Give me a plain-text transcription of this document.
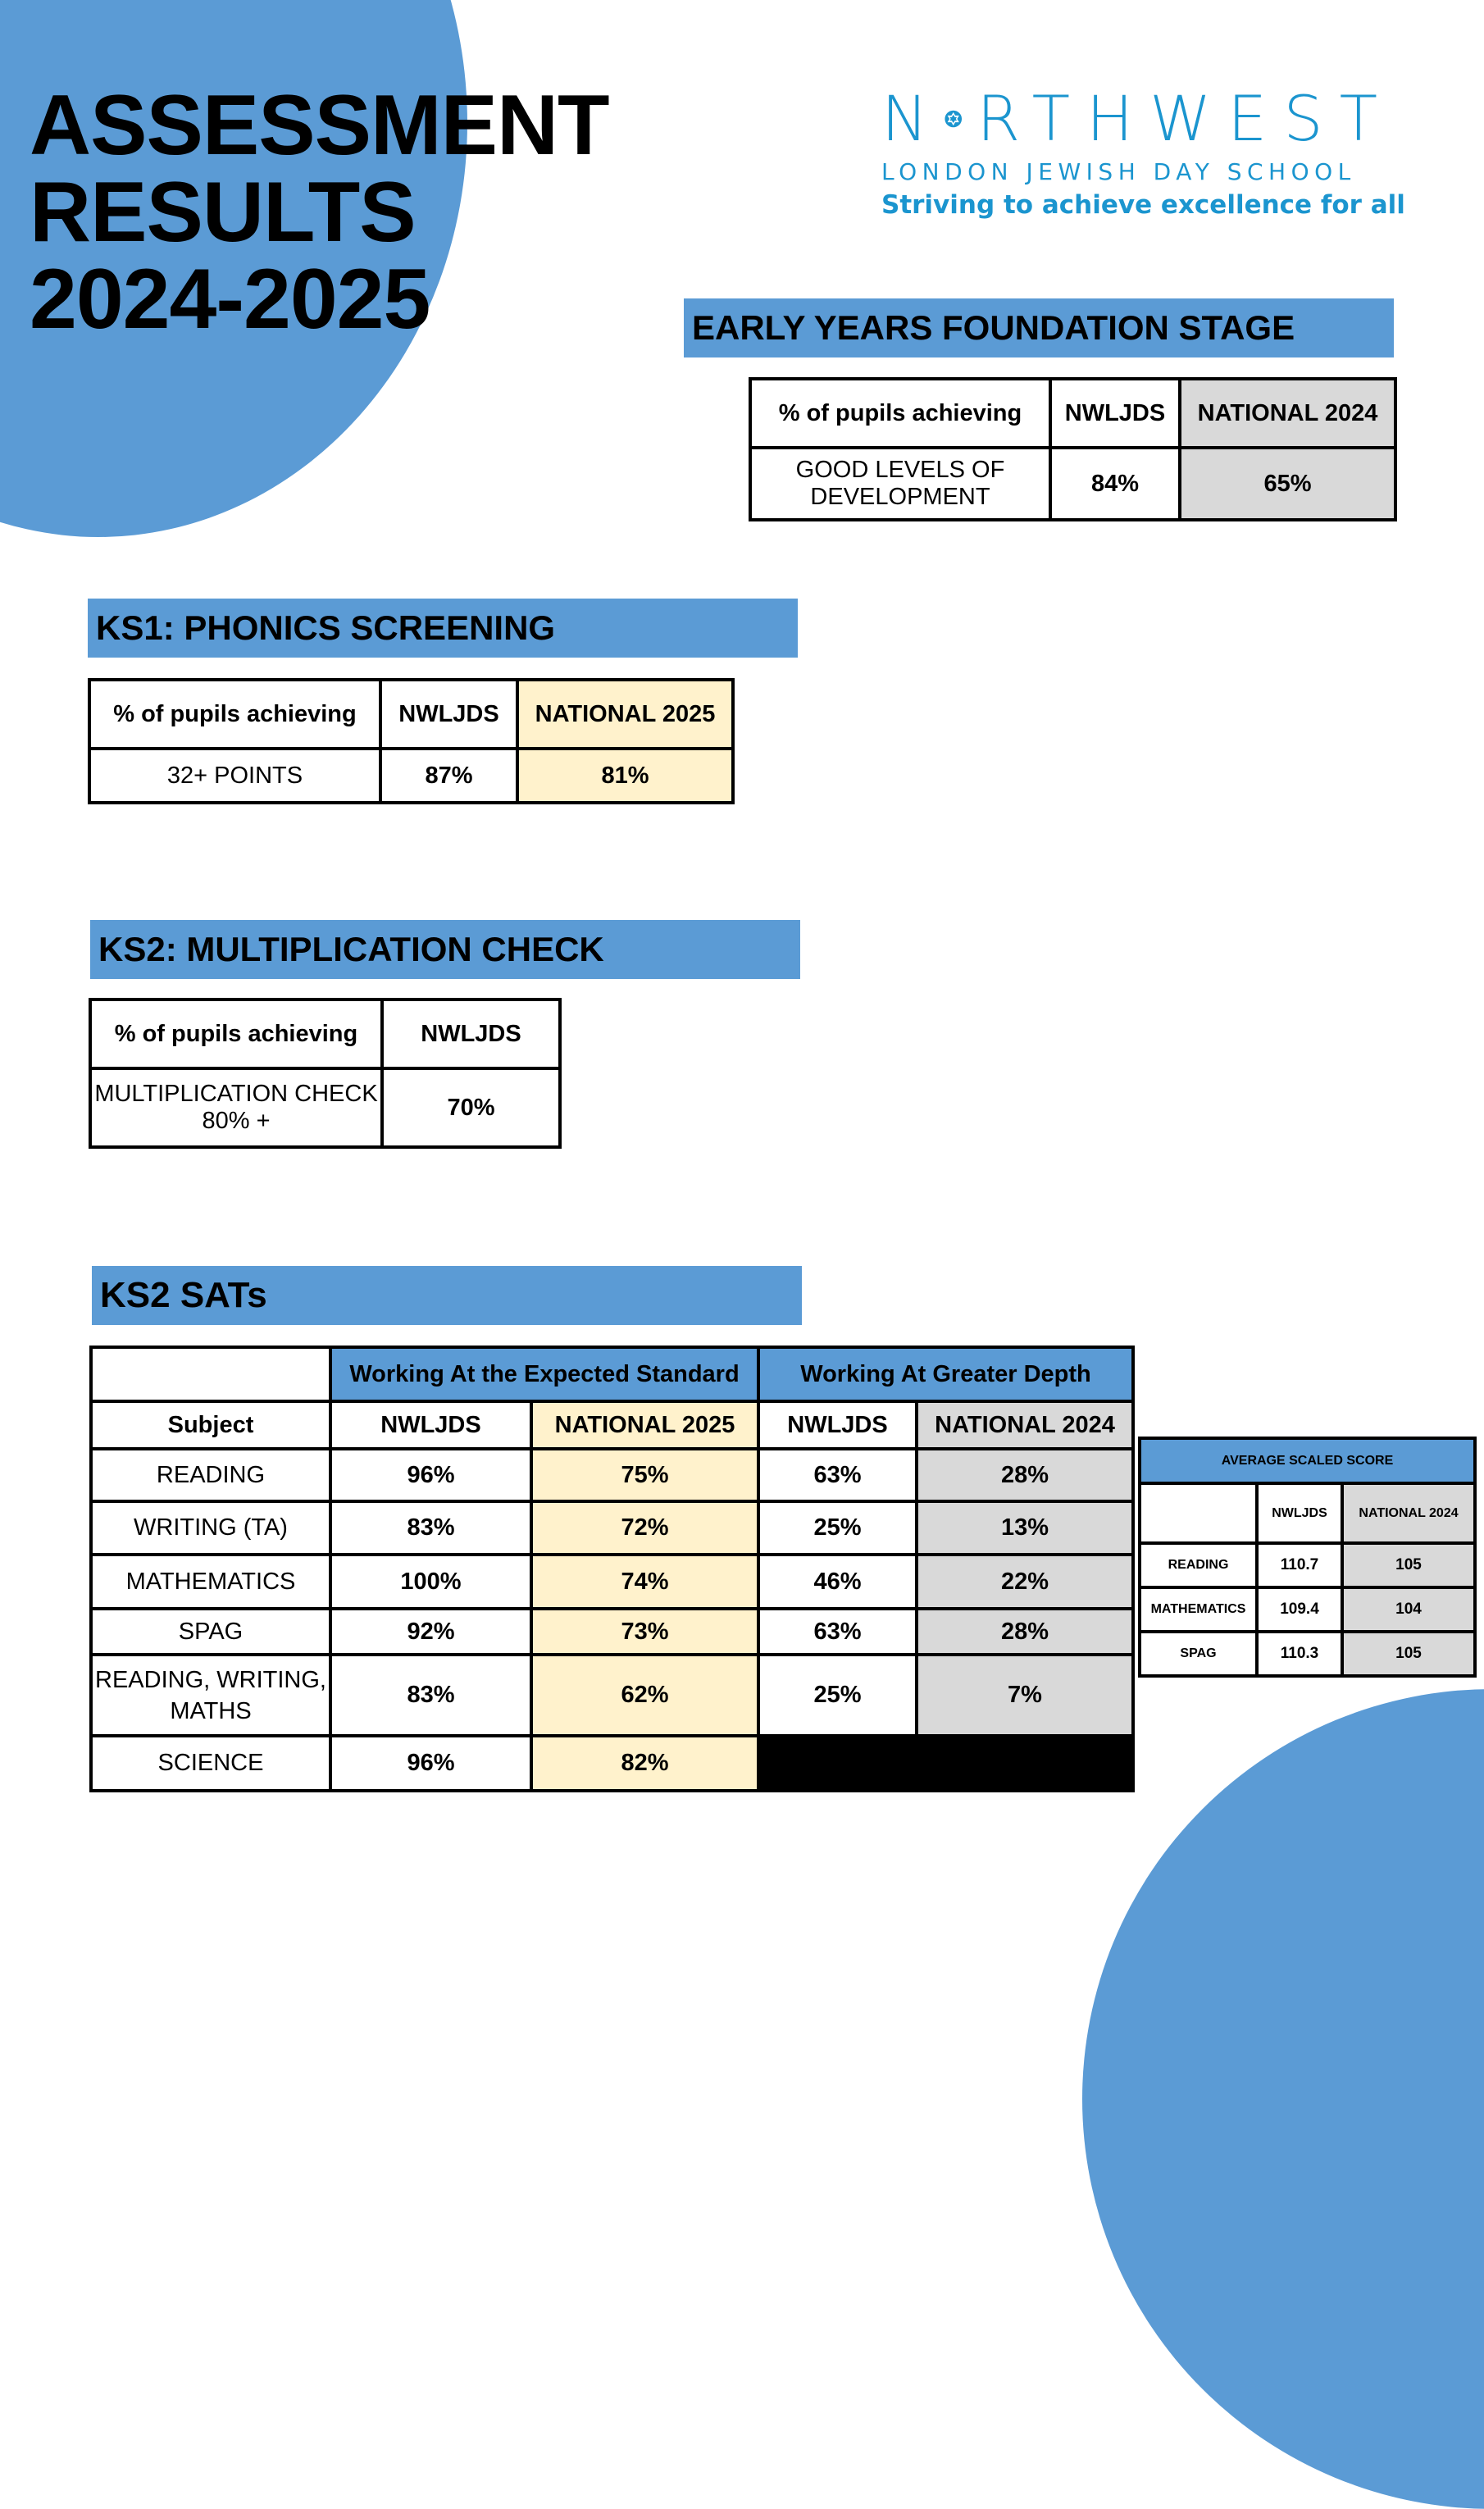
ASSESSMENT
RESULTS
2024-2025
N RTHWEST
LONDON JEWISH DAY SCHOOL
Striving to achieve excellence for all
EARLY YEARS FOUNDATION STAGE
% of pupils achieving	NWLJDS	NATIONAL 2024
GOOD LEVELS OF DEVELOPMENT	84%	65%
KS1: PHONICS SCREENING
% of pupils achieving	NWLJDS	NATIONAL 2025
32+ POINTS	87%	81%
KS2: MULTIPLICATION CHECK
% of pupils achieving	NWLJDS
MULTIPLICATION CHECK 80% +	70%
KS2 SATs
	Working At the Expected Standard		Working At Greater Depth	
Subject	NWLJDS	NATIONAL 2025	NWLJDS	NATIONAL 2024
READING	96%	75%	63%	28%
WRITING (TA)	83%	72%	25%	13%
MATHEMATICS	100%	74%	46%	22%
SPAG	92%	73%	63%	28%
READING, WRITING, MATHS	83%	62%	25%	7%
SCIENCE	96%	82%		
AVERAGE SCALED SCORE		
	NWLJDS	NATIONAL 2024
READING	110.7	105
MATHEMATICS	109.4	104
SPAG	110.3	105
